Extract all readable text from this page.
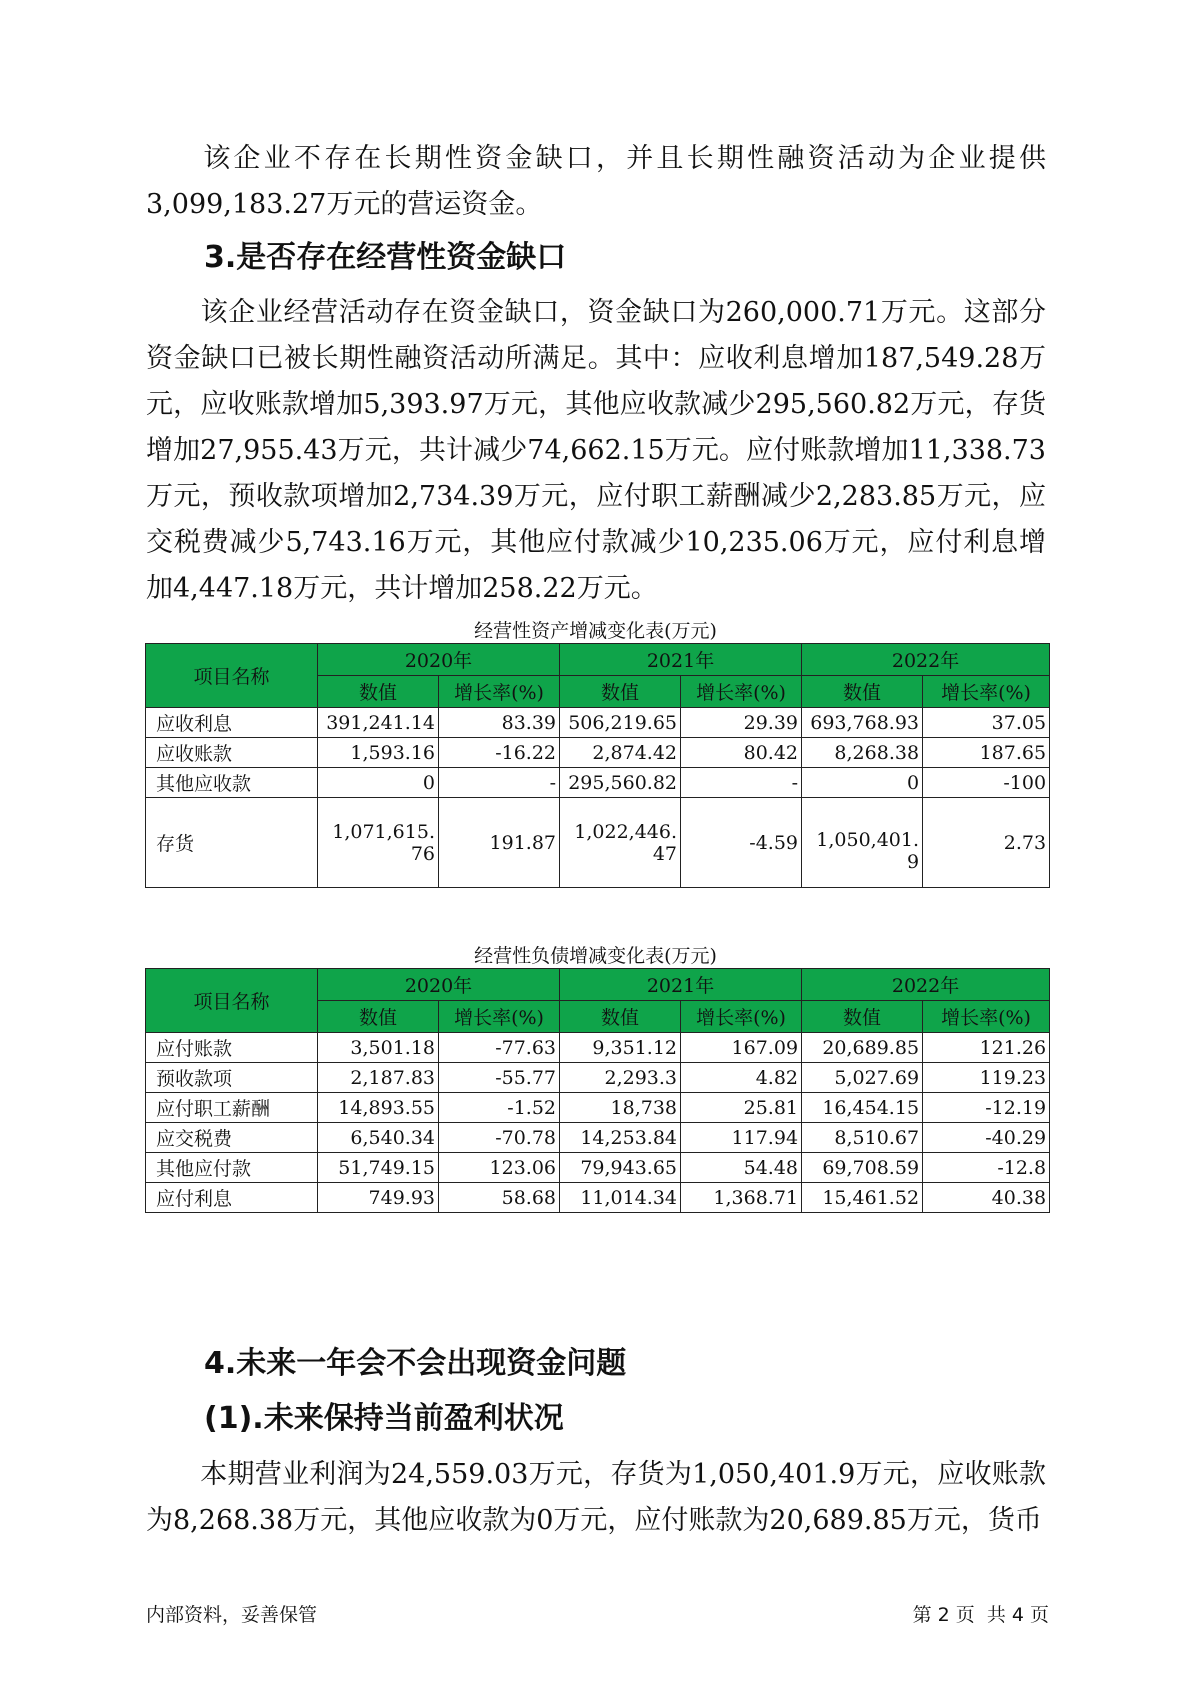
该企业不存在长期性资金缺口，并且长期性融资活动为企业提供3,099,183.27万元的营运资金。

3.是否存在经营性资金缺口

该企业经营活动存在资金缺口，资金缺口为260,000.71万元。这部分资金缺口已被长期性融资活动所满足。其中：应收利息增加187,549.28万元，应收账款增加5,393.97万元，其他应收款减少295,560.82万元，存货增加27,955.43万元，共计减少74,662.15万元。应付账款增加11,338.73万元，预收款项增加2,734.39万元，应付职工薪酬减少2,283.85万元，应交税费减少5,743.16万元，其他应付款减少10,235.06万元，应付利息增加4,447.18万元，共计增加258.22万元。

经营性资产增减变化表(万元)

项目名称	2020年		2021年		2022年	
	数值	增长率(%)	数值	增长率(%)	数值	增长率(%)
应收利息	391,241.14	83.39	506,219.65	29.39	693,768.93	37.05
应收账款	1,593.16	-16.22	2,874.42	80.42	8,268.38	187.65
其他应收款	0	-	295,560.82	-	0	-100
存货	1,071,615.76	191.87	1,022,446.47	-4.59	1,050,401.9	2.73

经营性负债增减变化表(万元)

项目名称	2020年		2021年		2022年	
	数值	增长率(%)	数值	增长率(%)	数值	增长率(%)
应付账款	3,501.18	-77.63	9,351.12	167.09	20,689.85	121.26
预收款项	2,187.83	-55.77	2,293.3	4.82	5,027.69	119.23
应付职工薪酬	14,893.55	-1.52	18,738	25.81	16,454.15	-12.19
应交税费	6,540.34	-70.78	14,253.84	117.94	8,510.67	-40.29
其他应付款	51,749.15	123.06	79,943.65	54.48	69,708.59	-12.8
应付利息	749.93	58.68	11,014.34	1,368.71	15,461.52	40.38
4.未来一年会不会出现资金问题
(1).未来保持当前盈利状况

本期营业利润为24,559.03万元，存货为1,050,401.9万元，应收账款为8,268.38万元，其他应收款为0万元，应付账款为20,689.85万元，货币

内部资料，妥善保管	第 2 页  共 4 页
